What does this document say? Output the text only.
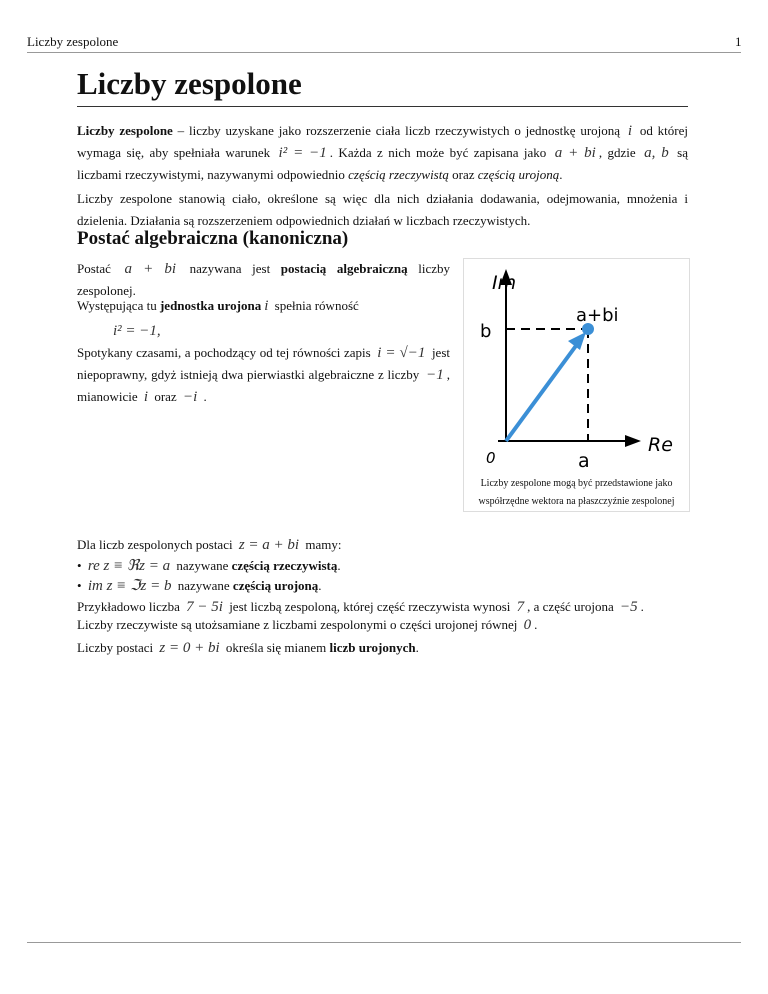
Liczby zespolone	1
Liczby zespolone
Liczby zespolone – liczby uzyskane jako rozszerzenie ciała liczb rzeczywistych o jednostkę urojoną i od której wymaga się, aby spełniała warunek i² = −1 . Każda z nich może być zapisana jako a + bi , gdzie a, b są liczbami rzeczywistymi, nazywanymi odpowiednio częścią rzeczywistą oraz częścią urojoną.
Liczby zespolone stanowią ciało, określone są więc dla nich działania dodawania, odejmowania, mnożenia i dzielenia. Działania są rozszerzeniem odpowiednich działań w liczbach rzeczywistych.
Postać algebraiczna (kanoniczna)
Postać a + bi nazywana jest postacią algebraiczną liczby zespolonej.
Występująca tu jednostka urojona i spełnia równość
i² = −1,
Spotykany czasami, a pochodzący od tej równości zapis i = √−1 jest niepoprawny, gdyż istnieją dwa pierwiastki algebraiczne z liczby −1 , mianowicie i oraz −i .
Im
a+bi
b
0	a
Re
Liczby zespolone mogą być przedstawione jako
współrzędne wektora na płaszczyźnie zespolonej
Dla liczb zespolonych postaci z = a + bi mamy:
• re z ≡ ℜz = a nazywane częścią rzeczywistą.
• im z ≡ ℑz = b nazywane częścią urojoną.
Przykładowo liczba 7 − 5i jest liczbą zespoloną, której część rzeczywista wynosi 7 , a część urojona −5 .
Liczby rzeczywiste są utożsamiane z liczbami zespolonymi o części urojonej równej 0 .
Liczby postaci z = 0 + bi określa się mianem liczb urojonych.
